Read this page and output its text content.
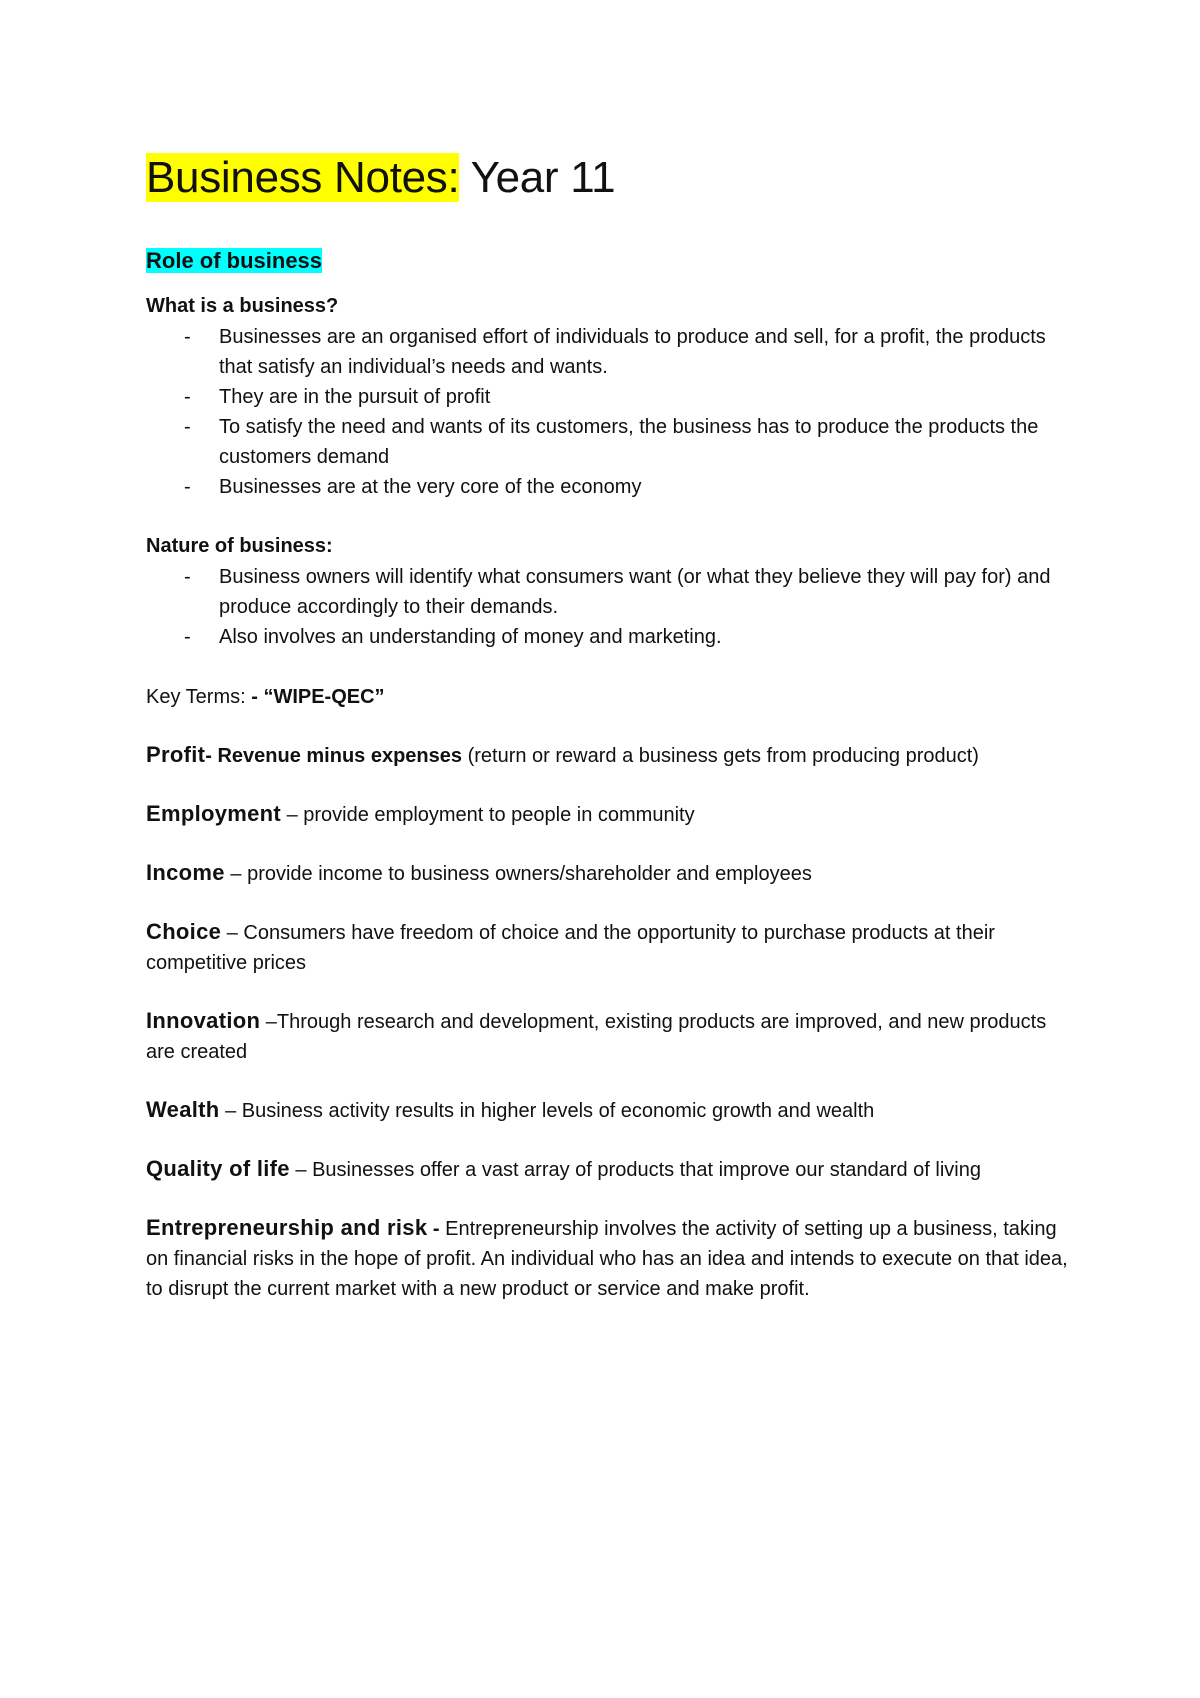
Business Notes: Year 11
Role of business
What is a business?
- Businesses are an organised effort of individuals to produce and sell, for a profit, the products that satisfy an individual’s needs and wants.
- They are in the pursuit of profit
- To satisfy the need and wants of its customers, the business has to produce the products the customers demand
- Businesses are at the very core of the economy
Nature of business:
- Business owners will identify what consumers want (or what they believe they will pay for) and produce accordingly to their demands.
- Also involves an understanding of money and marketing.
Key Terms: - “WIPE-QEC”
Profit- Revenue minus expenses (return or reward a business gets from producing product)
Employment – provide employment to people in community
Income – provide income to business owners/shareholder and employees
Choice – Consumers have freedom of choice and the opportunity to purchase products at their competitive prices
Innovation –Through research and development, existing products are improved, and new products are created
Wealth – Business activity results in higher levels of economic growth and wealth
Quality of life – Businesses offer a vast array of products that improve our standard of living
Entrepreneurship and risk - Entrepreneurship involves the activity of setting up a business, taking on financial risks in the hope of profit. An individual who has an idea and intends to execute on that idea, to disrupt the current market with a new product or service and make profit.
